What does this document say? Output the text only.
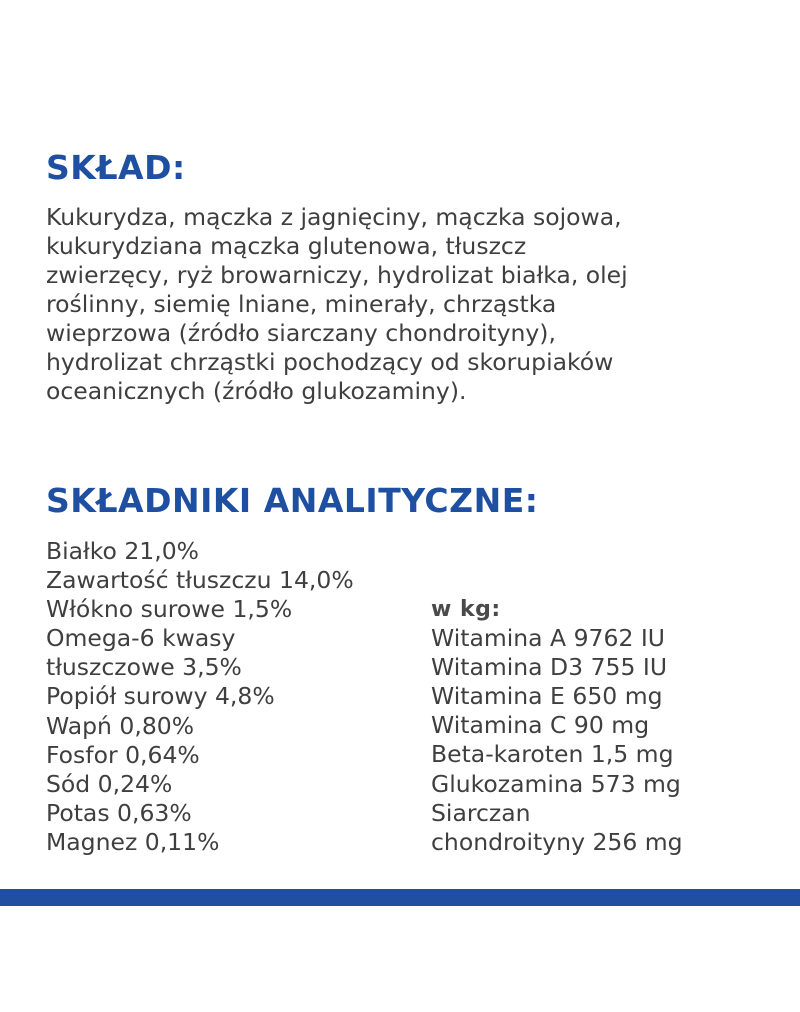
SKŁAD:

Kukurydza, mączka z jagnięciny, mączka sojowa,
kukurydziana mączka glutenowa, tłuszcz
zwierzęcy, ryż browarniczy, hydrolizat białka, olej
roślinny, siemię lniane, minerały, chrząstka
wieprzowa (źródło siarczany chondroityny),
hydrolizat chrząstki pochodzący od skorupiaków
oceanicznych (źródło glukozaminy).

SKŁADNIKI ANALITYCZNE:
Białko 21,0%
Zawartość tłuszczu 14,0%
Włókno surowe 1,5%
Omega-6 kwasy
tłuszczowe 3,5%
Popiół surowy 4,8%
Wapń 0,80%
Fosfor 0,64%
Sód 0,24%
Potas 0,63%
Magnez 0,11%
w kg:
Witamina A 9762 IU
Witamina D3 755 IU
Witamina E 650 mg
Witamina C 90 mg
Beta-karoten 1,5 mg
Glukozamina 573 mg
Siarczan
chondroityny 256 mg
